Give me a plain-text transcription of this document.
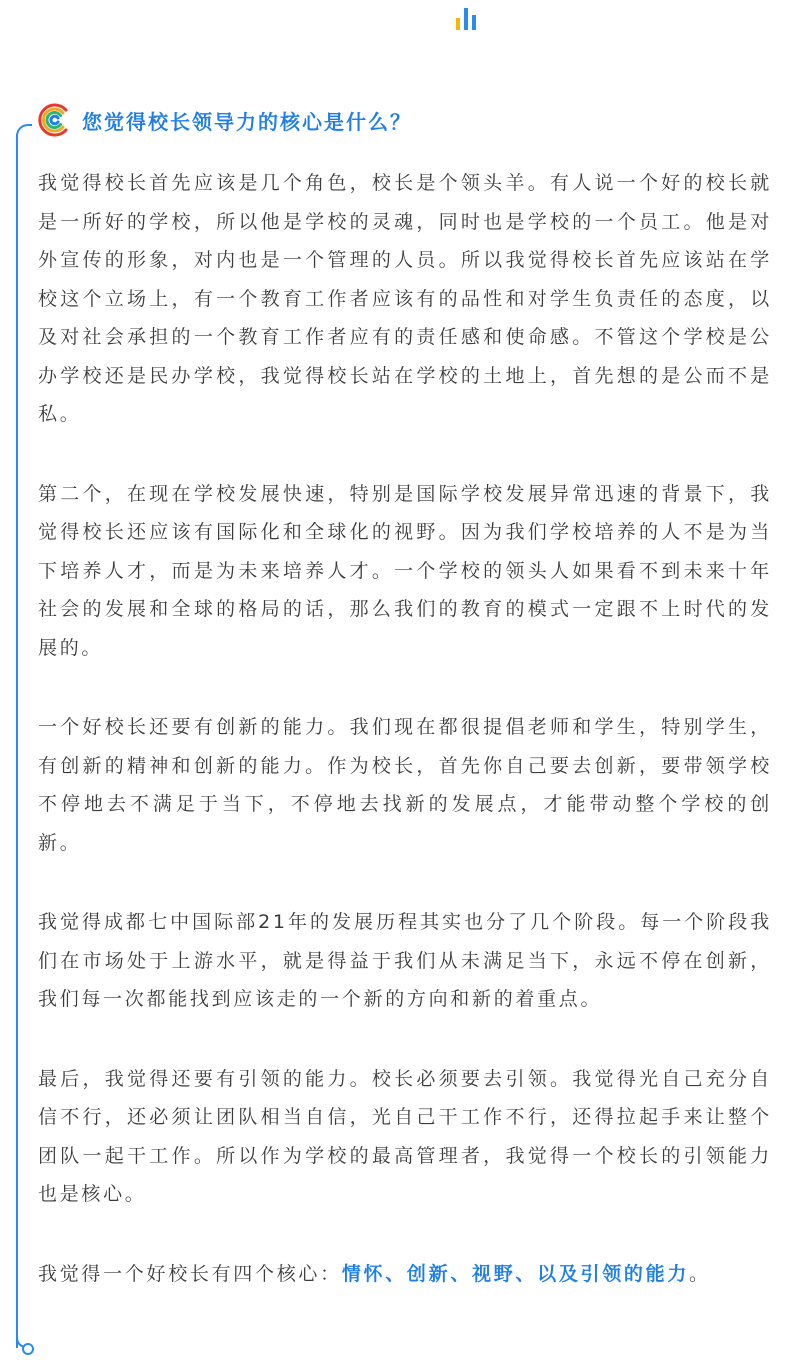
您觉得校长领导力的核心是什么？

我觉得校长首先应该是几个角色，校长是个领头羊。有人说一个好的校长就是一所好的学校，所以他是学校的灵魂，同时也是学校的一个员工。他是对外宣传的形象，对内也是一个管理的人员。所以我觉得校长首先应该站在学校这个立场上，有一个教育工作者应该有的品性和对学生负责任的态度，以及对社会承担的一个教育工作者应有的责任感和使命感。不管这个学校是公办学校还是民办学校，我觉得校长站在学校的土地上，首先想的是公而不是私。

第二个，在现在学校发展快速，特别是国际学校发展异常迅速的背景下，我觉得校长还应该有国际化和全球化的视野。因为我们学校培养的人不是为当下培养人才，而是为未来培养人才。一个学校的领头人如果看不到未来十年社会的发展和全球的格局的话，那么我们的教育的模式一定跟不上时代的发展的。

一个好校长还要有创新的能力。我们现在都很提倡老师和学生，特别学生，有创新的精神和创新的能力。作为校长，首先你自己要去创新，要带领学校不停地去不满足于当下，不停地去找新的发展点，才能带动整个学校的创新。

我觉得成都七中国际部21年的发展历程其实也分了几个阶段。每一个阶段我们在市场处于上游水平，就是得益于我们从未满足当下，永远不停在创新，我们每一次都能找到应该走的一个新的方向和新的着重点。

最后，我觉得还要有引领的能力。校长必须要去引领。我觉得光自己充分自信不行，还必须让团队相当自信，光自己干工作不行，还得拉起手来让整个团队一起干工作。所以作为学校的最高管理者，我觉得一个校长的引领能力也是核心。

我觉得一个好校长有四个核心：情怀、创新、视野、以及引领的能力。
